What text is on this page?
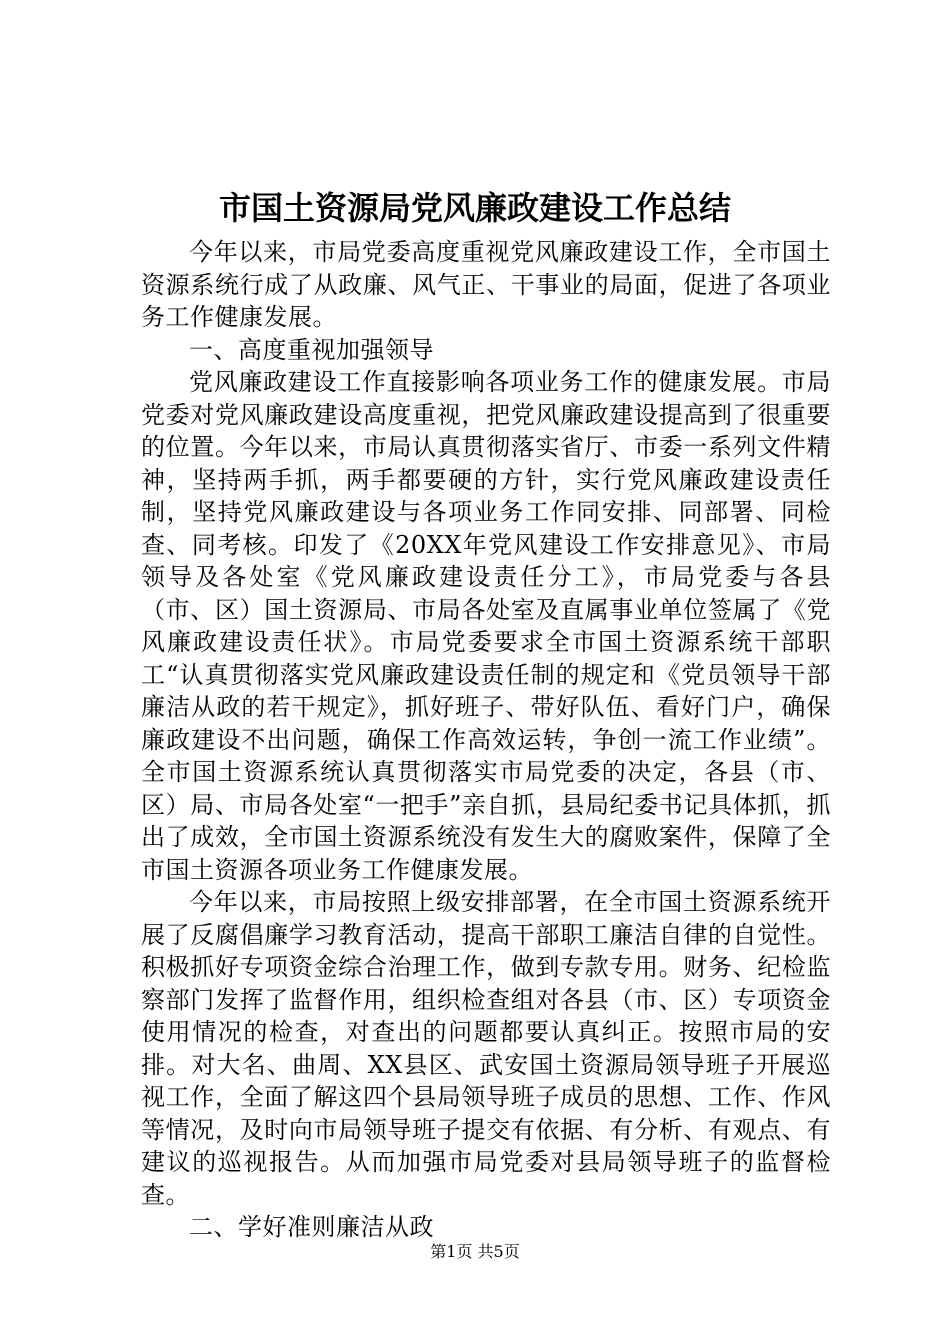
市国土资源局党风廉政建设工作总结

今年以来，市局党委高度重视党风廉政建设工作，全市国土资源系统行成了从政廉、风气正、干事业的局面，促进了各项业务工作健康发展。

一、高度重视加强领导

党风廉政建设工作直接影响各项业务工作的健康发展。市局党委对党风廉政建设高度重视，把党风廉政建设提高到了很重要的位置。今年以来，市局认真贯彻落实省厅、市委一系列文件精神，坚持两手抓，两手都要硬的方针，实行党风廉政建设责任制，坚持党风廉政建设与各项业务工作同安排、同部署、同检查、同考核。印发了《20XX年党风建设工作安排意见》、市局领导及各处室《党风廉政建设责任分工》，市局党委与各县（市、区）国土资源局、市局各处室及直属事业单位签属了《党风廉政建设责任状》。市局党委要求全市国土资源系统干部职工“认真贯彻落实党风廉政建设责任制的规定和《党员领导干部廉洁从政的若干规定》，抓好班子、带好队伍、看好门户，确保廉政建设不出问题，确保工作高效运转，争创一流工作业绩”。全市国土资源系统认真贯彻落实市局党委的决定，各县（市、区）局、市局各处室“一把手”亲自抓，县局纪委书记具体抓，抓出了成效，全市国土资源系统没有发生大的腐败案件，保障了全市国土资源各项业务工作健康发展。

今年以来，市局按照上级安排部署，在全市国土资源系统开展了反腐倡廉学习教育活动，提高干部职工廉洁自律的自觉性。积极抓好专项资金综合治理工作，做到专款专用。财务、纪检监察部门发挥了监督作用，组织检查组对各县（市、区）专项资金使用情况的检查，对查出的问题都要认真纠正。按照市局的安排。对大名、曲周、XX县区、武安国土资源局领导班子开展巡视工作，全面了解这四个县局领导班子成员的思想、工作、作风等情况，及时向市局领导班子提交有依据、有分析、有观点、有建议的巡视报告。从而加强市局党委对县局领导班子的监督检查。

二、学好准则廉洁从政

第1页 共5页
